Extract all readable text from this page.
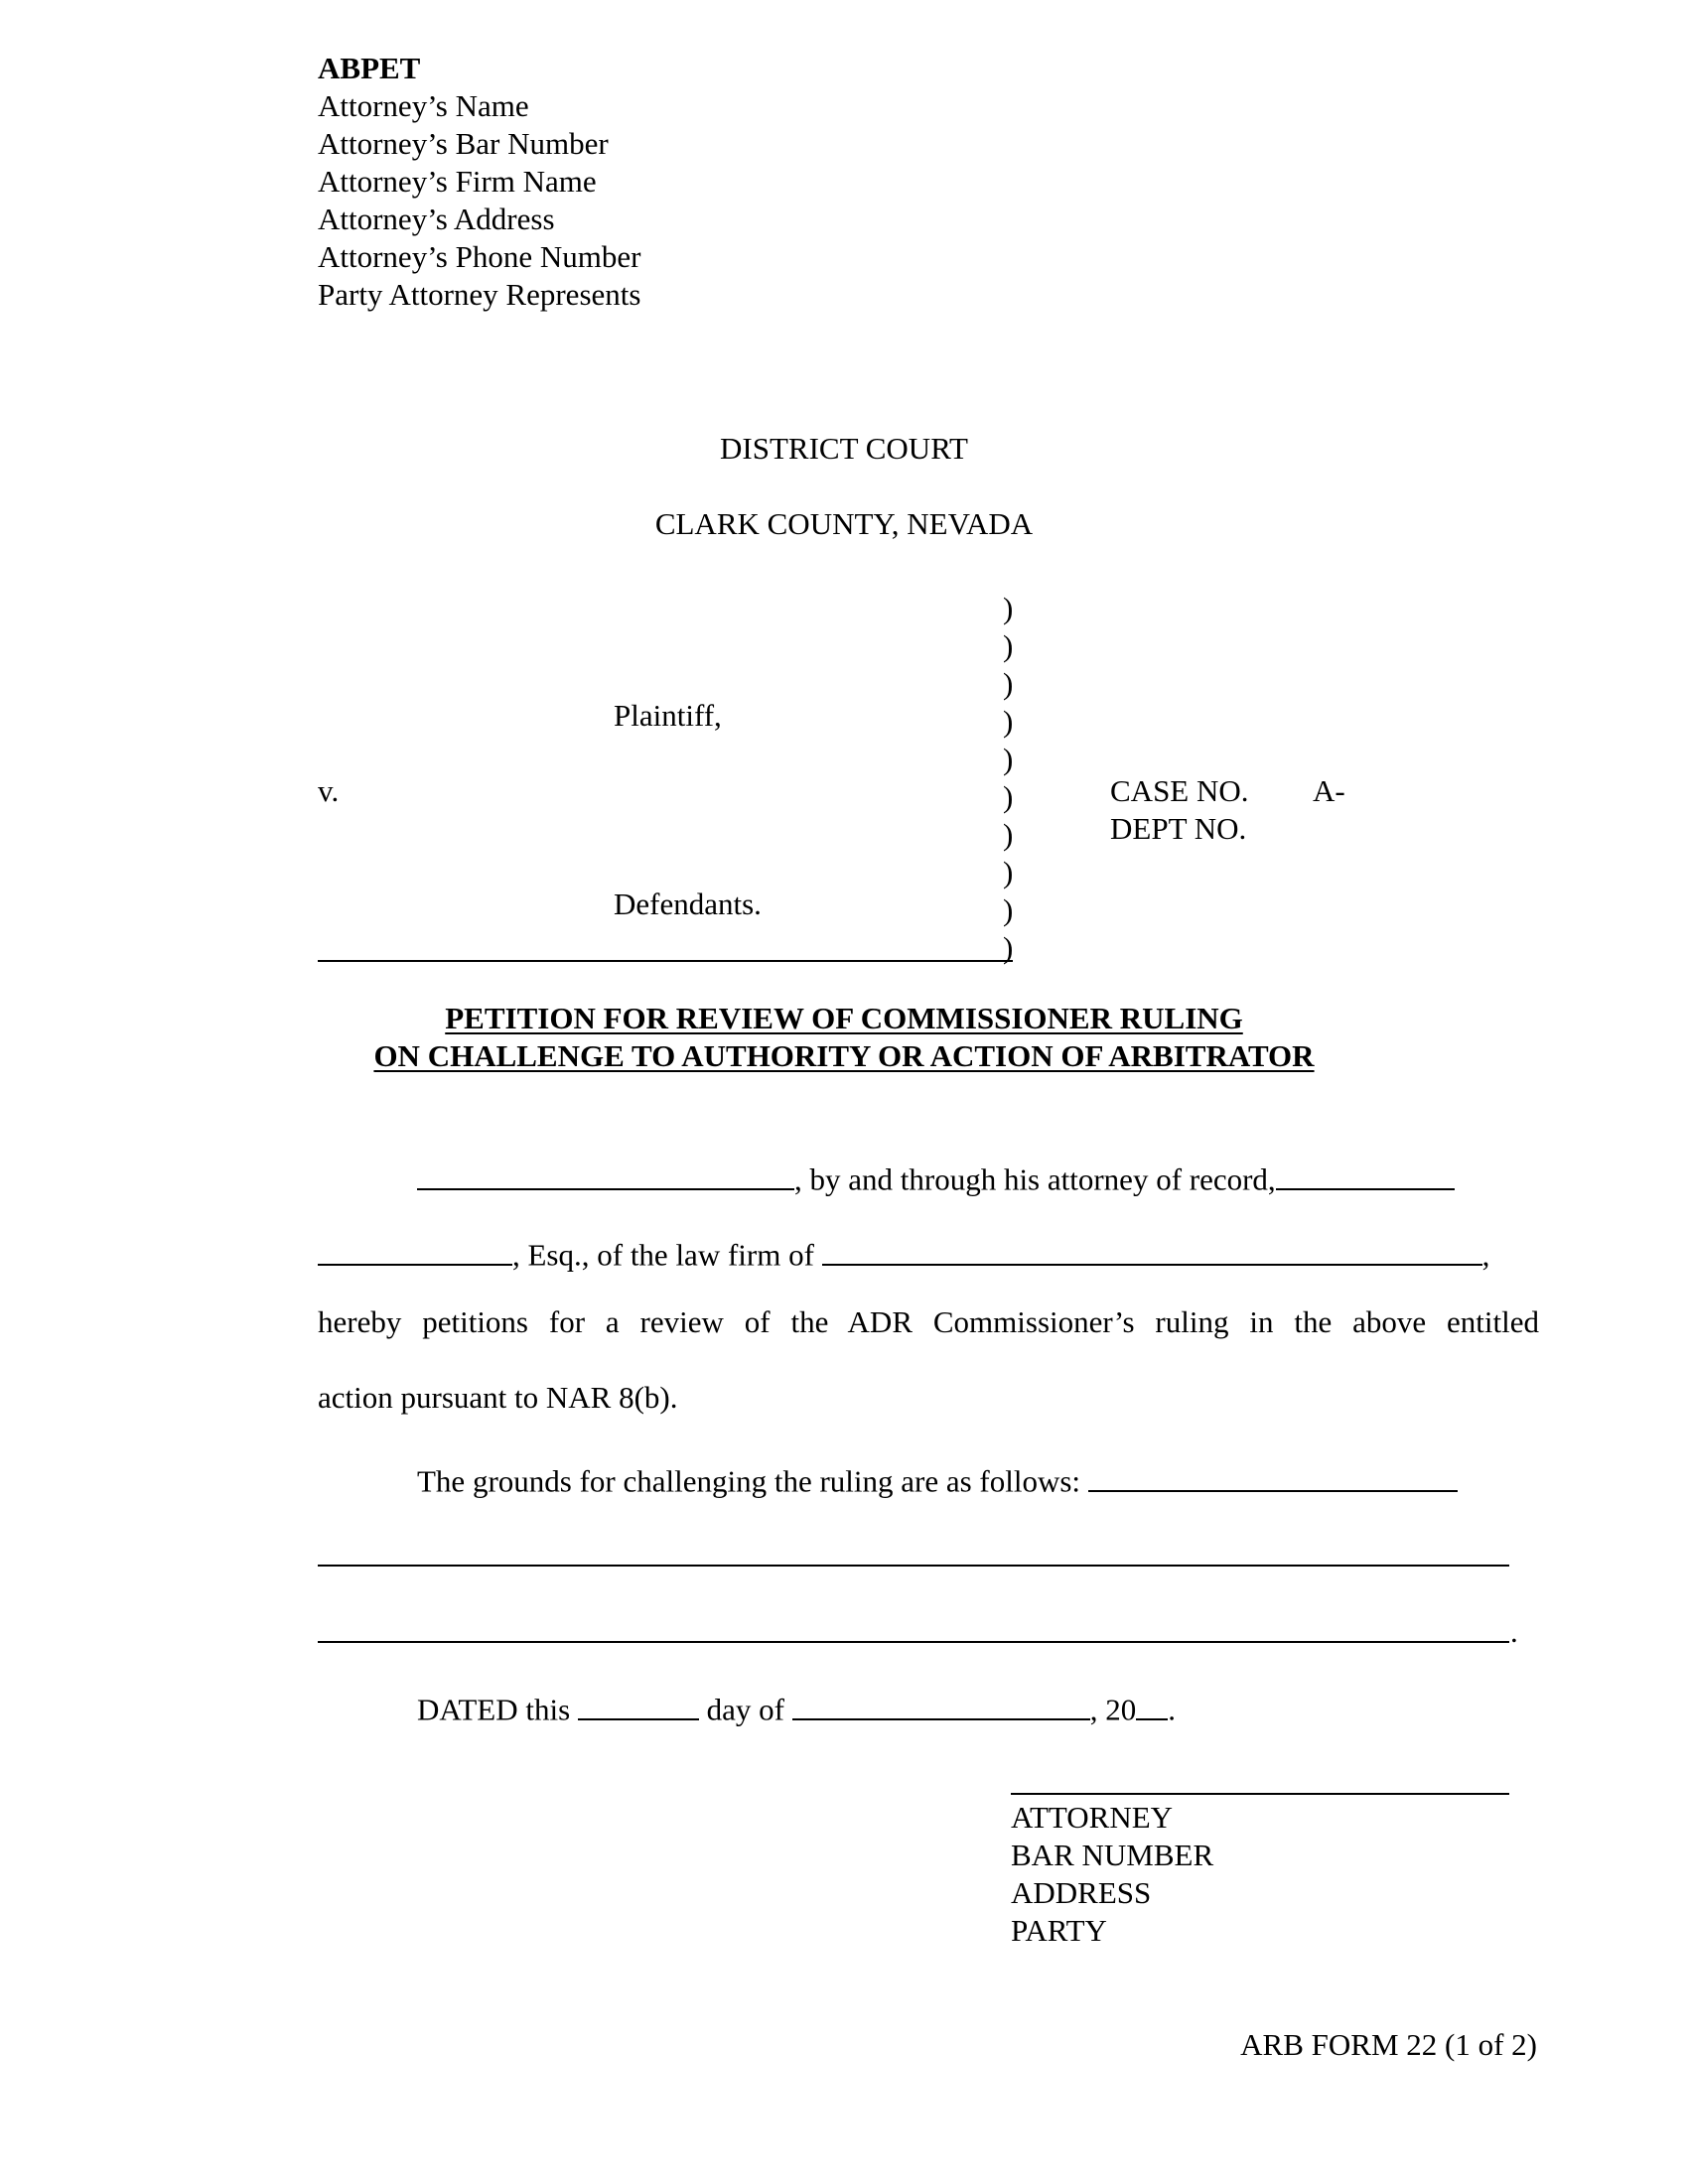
ABPET
Attorney’s Name
Attorney’s Bar Number
Attorney’s Firm Name
Attorney’s Address
Attorney’s Phone Number
Party Attorney Represents
DISTRICT COURT
CLARK COUNTY, NEVADA
)
)
)
)
)
)
)
)
)
)
Plaintiff,
v.
Defendants.
CASE NO. A-
DEPT NO.
PETITION FOR REVIEW OF COMMISSIONER RULING
ON CHALLENGE TO AUTHORITY OR ACTION OF ARBITRATOR
, by and through his attorney of record,
, Esq., of the law firm of	,
hereby petitions for a review of the ADR Commissioner’s ruling in the above entitled
action pursuant to NAR 8(b).
The grounds for challenging the ruling are as follows:
.
DATED this	day of	, 20 .
ATTORNEY
BAR NUMBER
ADDRESS
PARTY
ARB FORM 22 (1 of 2)
